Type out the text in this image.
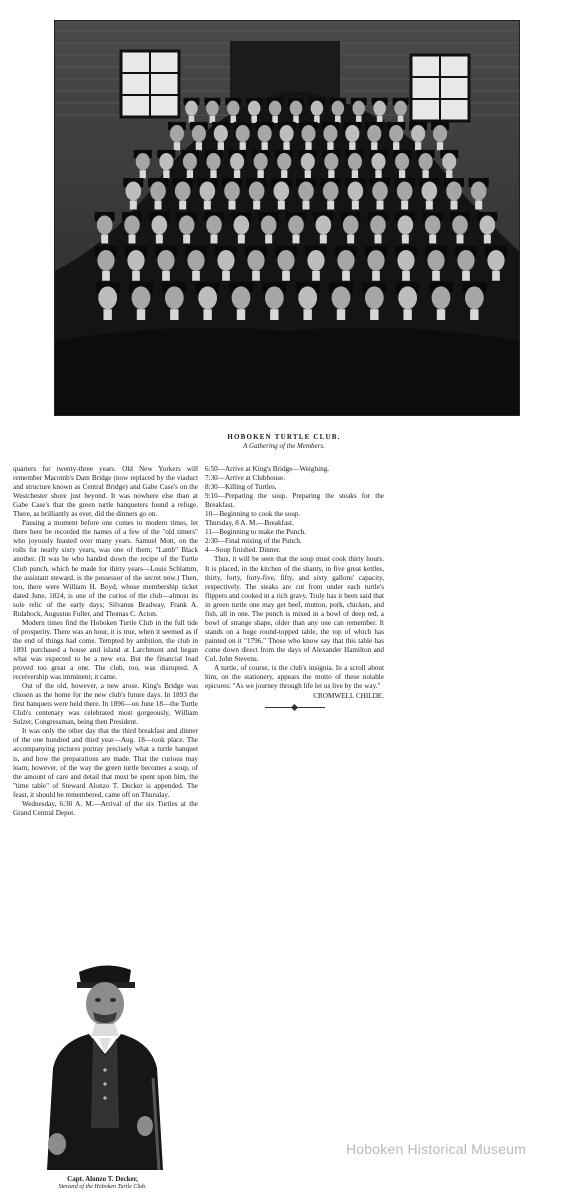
HOBOKEN TURTLE CLUB.
A Gathering of the Members.

quarters for twenty-three years. Old New Yorkers will remember Macomb's Dam Bridge (now replaced by the viaduct and structure known as Central Bridge) and Gabe Case's on the Westchester shore just beyond. It was nowhere else than at Gabe Case's that the green turtle banqueters found a refuge. There, as brilliantly as ever, did the dinners go on.

Pausing a moment before one comes to modern times, let there here be recorded the names of a few of the "old timers" who joyously feasted over many years. Samuel Mott, on the rolls for nearly sixty years, was one of them; "Lamb" Black another. (It was he who handed down the recipe of the Turtle Club punch, which he made for thirty years—Louis Schlamm, the assistant steward, is the possessor of the secret now.) Then, too, there were William H. Boyd, whose membership ticket dated June, 1824, is one of the curios of the club—almost its sole relic of the early days; Silvanus Bradway, Frank A. Ridabock, Augustus Fuller, and Thomas C. Acton.

Modern times find the Hoboken Turtle Club in the full tide of prosperity. There was an hour, it is true, when it seemed as if the end of things had come. Tempted by ambition, the club in 1891 purchased a house and island at Larchmont and began what was expected to be a new era. But the financial load proved too great a one. The club, too, was disrupted. A receivership was imminent; it came.

Out of the old, however, a new arose. King's Bridge was chosen as the home for the new club's future days. In 1893 the first banquets were held there. In 1896—on June 18—the Turtle Club's centenary was celebrated most gorgeously, William Sulzer, Congressman, being then President.

It was only the other day that the third breakfast and dinner of the one hundred and third year—Aug. 18—took place. The accompanying pictures portray precisely what a turtle banquet is, and how the preparations are made. That the curious may learn, however, of the way the green turtle becomes a soup, of the amount of care and detail that must be spent upon him, the "time table" of Steward Alonzo T. Decker is appended. The feast, it should be remembered, came off on Thursday.

Wednesday, 6:30 A. M.—Arrival of the six Turtles at the Grand Central Depot.

6:50—Arrive at King's Bridge—Weighing.

7:30—Arrive at Clubhouse.

8:30—Killing of Turtles.

9:10—Preparing the soup. Preparing the steaks for the Breakfast.

10—Beginning to cook the soup.

Thursday, 8 A. M.—Breakfast.

11—Beginning to make the Punch.

2:30—Final mixing of the Punch.

4—Soup finished. Dinner.

Thus, it will be seen that the soup must cook thirty hours. It is placed, in the kitchen of the shanty, in five great kettles, thirty, forty, forty-five, fifty, and sixty gallons' capacity, respectively. The steaks are cut from under each turtle's flippers and cooked in a rich gravy. Truly has it been said that in green turtle one may get beef, mutton, pork, chicken, and fish, all in one. The punch is mixed in a bowl of deep red, a bowl of strange shape, older than any one can remember. It stands on a huge round-topped table, the top of which has painted on it "1796." Those who know say that this table has come down direct from the days of Alexander Hamilton and Col. John Stevens.

A turtle, of course, is the club's insignia. In a scroll about him, on the stationery, appears the motto of these notable epicures: "As we journey through life let us live by the way."

CROMWELL CHILDE.
Capt. Alonzo T. Decker,
Steward of the Hoboken Turtle Club.
Hoboken Historical Museum
